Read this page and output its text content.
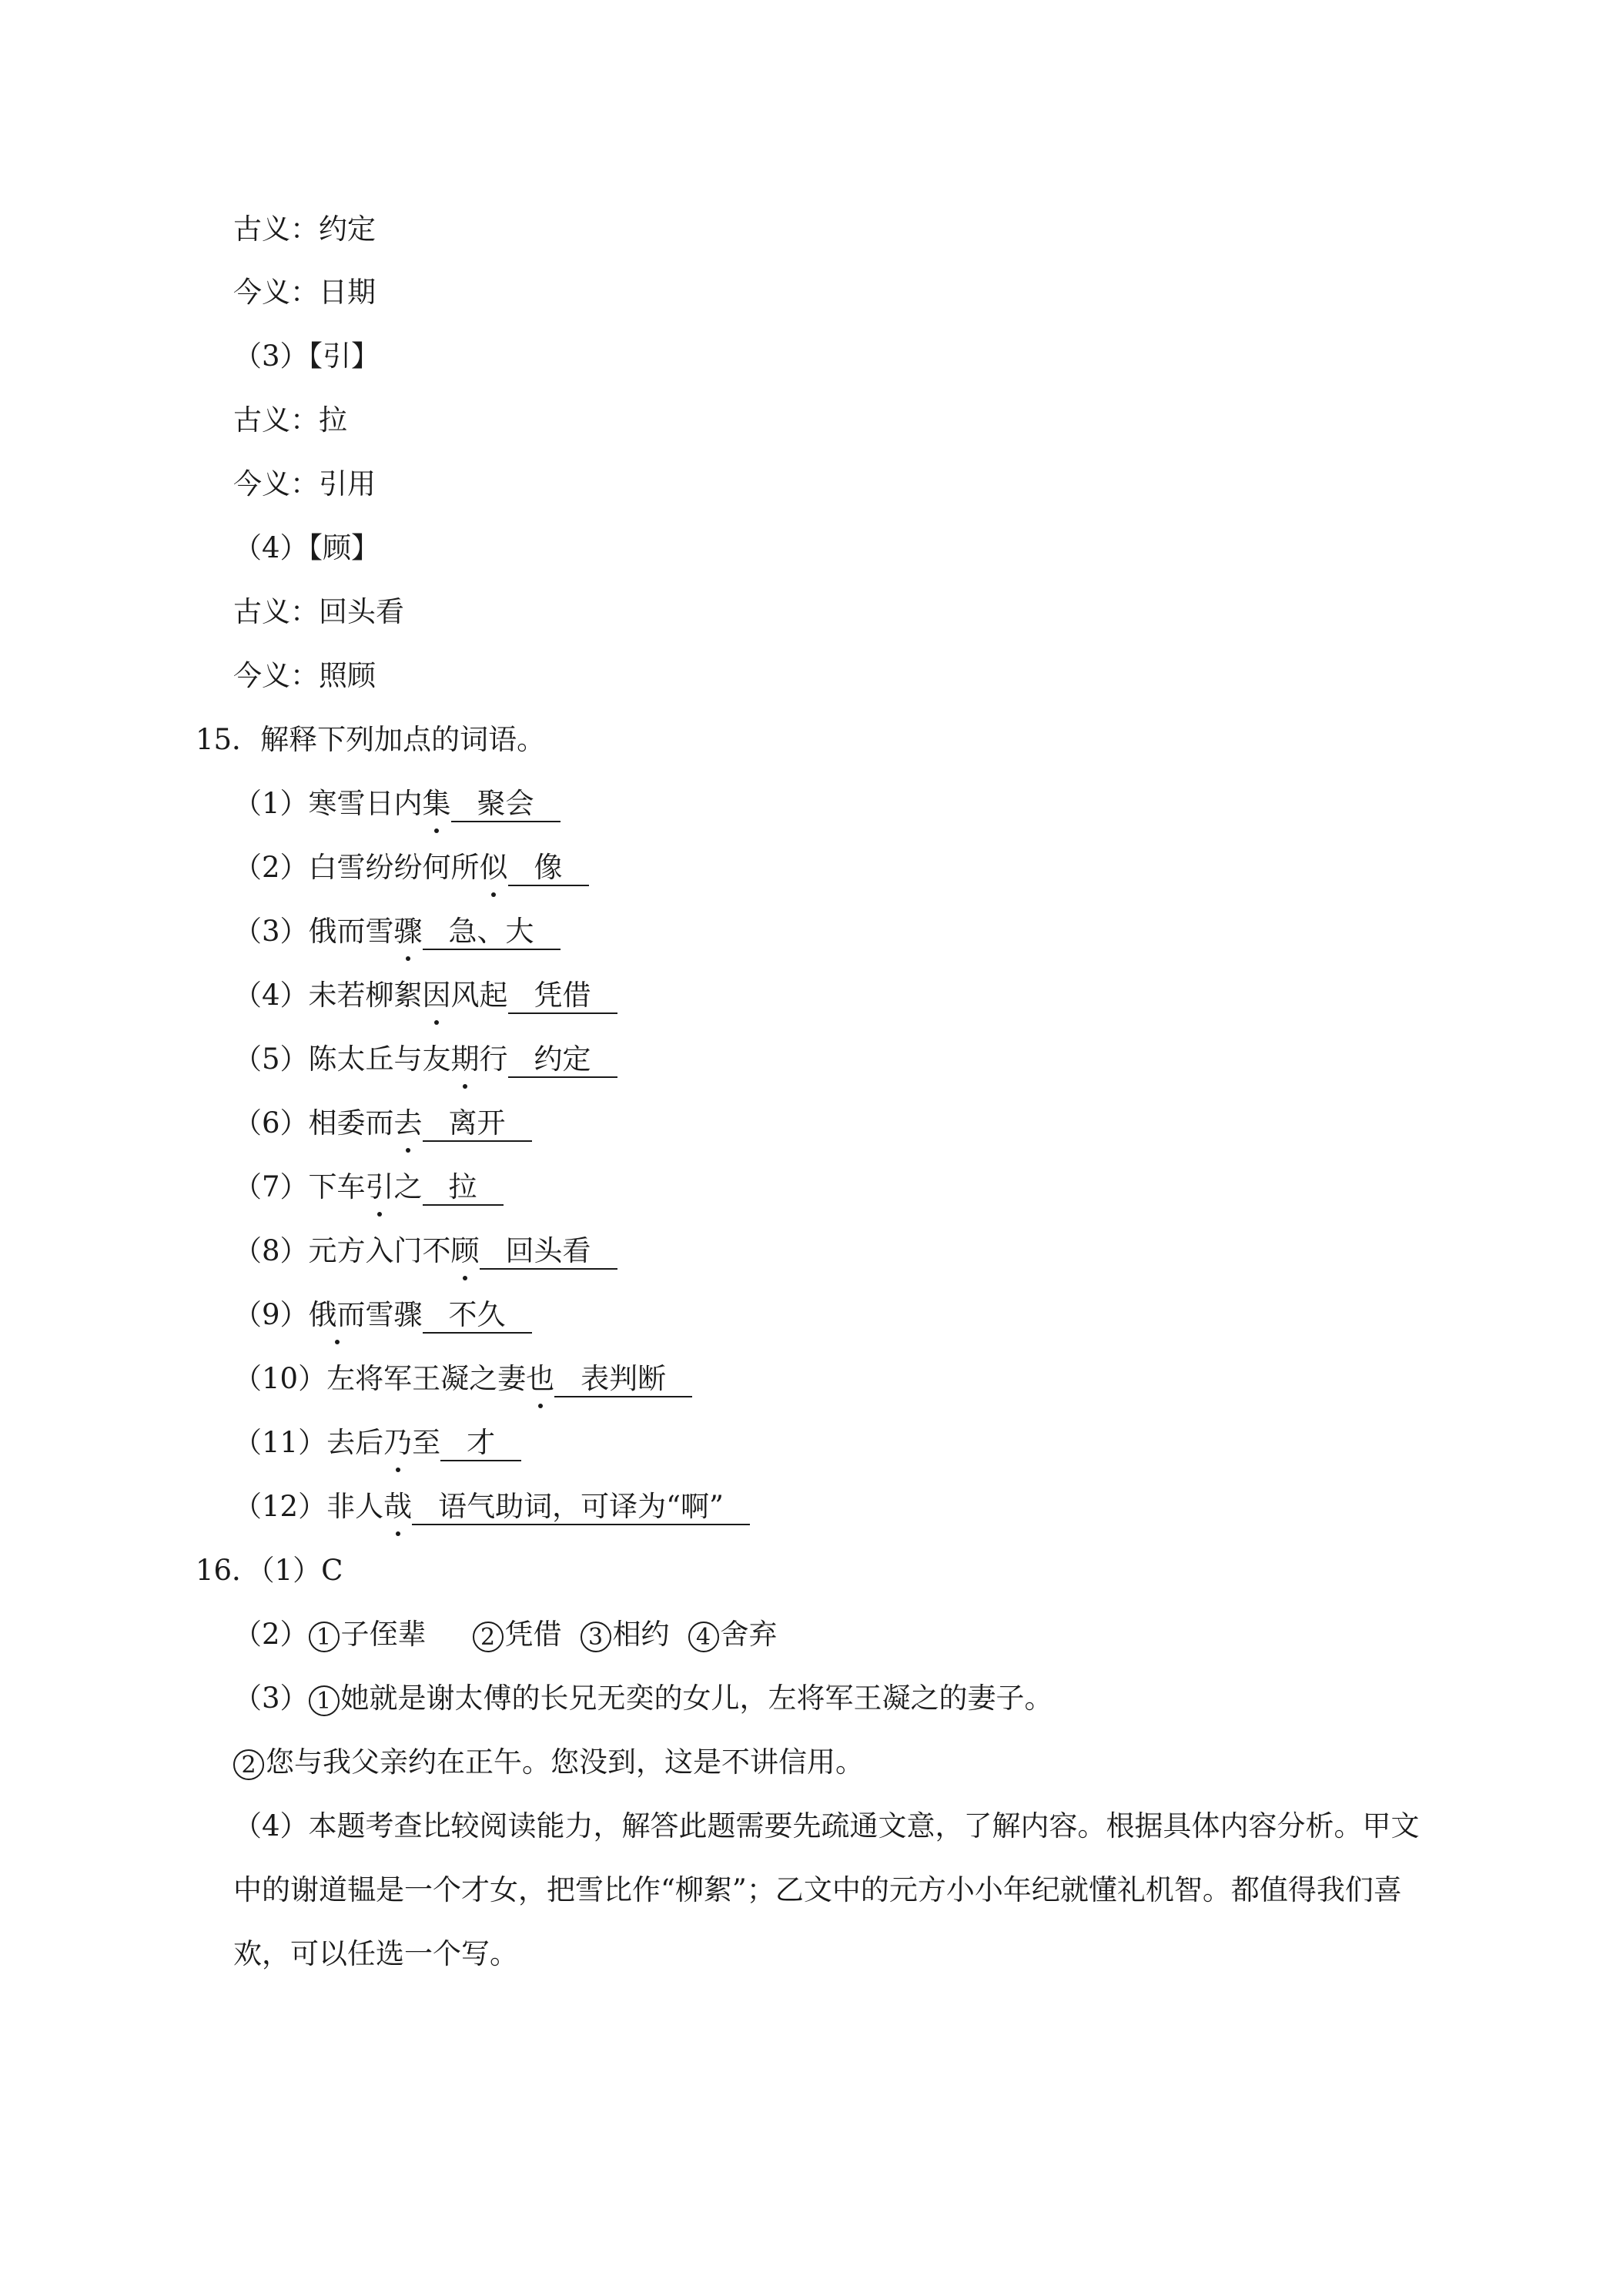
古义：约定
今义：日期
（3）【引】
古义：拉
今义：引用
（4）【顾】
古义：回头看
今义：照顾
15．解释下列加点的词语。
（1）寒雪日内集 聚会
（2）白雪纷纷何所似 像
（3）俄而雪骤 急、大
（4）未若柳絮因风起 凭借
（5）陈太丘与友期行 约定
（6）相委而去 离开
（7）下车引之 拉
（8）元方入门不顾 回头看
（9）俄而雪骤 不久
（10）左将军王凝之妻也 表判断
（11）去后乃至 才
（12）非人哉 语气助词，可译为“啊”
16．（1）C
（2） 1 子侄辈 2 凭借 3 相约 4 舍弃
（3） 1 她就是谢太傅的长兄无奕的女儿，左将军王凝之的妻子。
2 您与我父亲约在正午。您没到，这是不讲信用。
（4）本题考查比较阅读能力，解答此题需要先疏通文意，了解内容。根据具体内容分析。甲文
中的谢道韫是一个才女，把雪比作“柳絮”；乙文中的元方小小年纪就懂礼机智。都值得我们喜
欢，可以任选一个写。
